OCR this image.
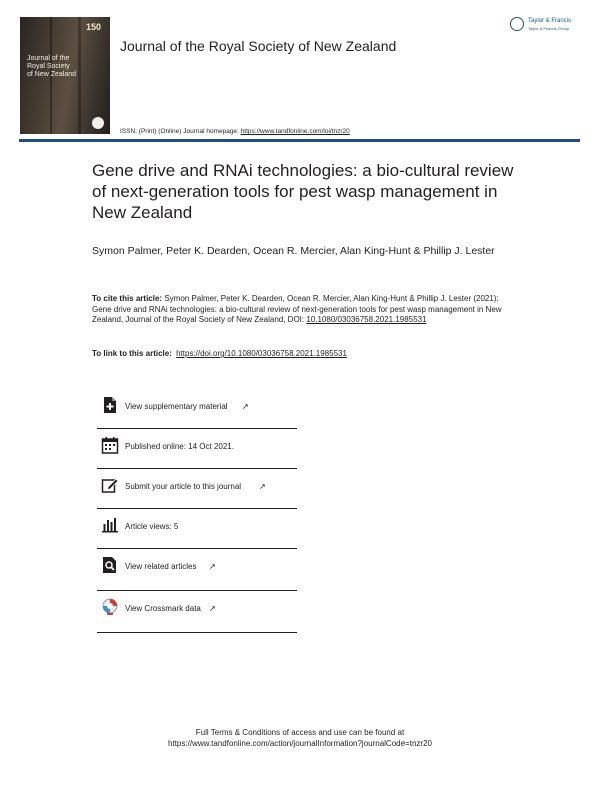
150
Journal of the
Royal Society
of New Zealand
Journal of the Royal Society of New Zealand
Taylor & Francis
Taylor & Francis Group
ISSN: (Print) (Online) Journal homepage: https://www.tandfonline.com/loi/tnzr20
Gene drive and RNAi technologies: a bio-cultural review of next-generation tools for pest wasp management in New Zealand
Symon Palmer, Peter K. Dearden, Ocean R. Mercier, Alan King-Hunt & Phillip J. Lester
To cite this article: Symon Palmer, Peter K. Dearden, Ocean R. Mercier, Alan King-Hunt & Phillip J. Lester (2021): Gene drive and RNAi technologies: a bio-cultural review of next-generation tools for pest wasp management in New Zealand, Journal of the Royal Society of New Zealand, DOI: 10.1080/03036758.2021.1985531
To link to this article: https://doi.org/10.1080/03036758.2021.1985531
View supplementary material ↗
Published online: 14 Oct 2021.
Submit your article to this journal ↗
Article views: 5
View related articles ↗
View Crossmark data ↗
Full Terms & Conditions of access and use can be found at
https://www.tandfonline.com/action/journalInformation?journalCode=tnzr20
